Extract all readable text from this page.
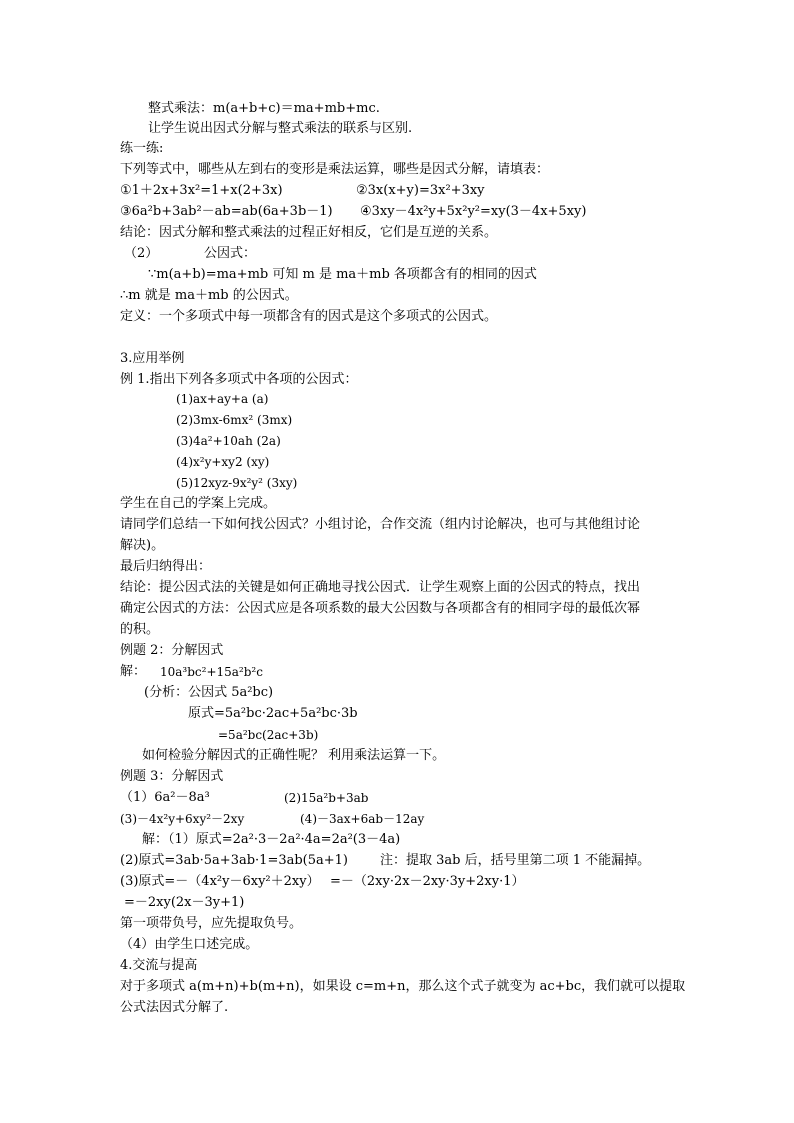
整式乘法：m(a+b+c)＝ma+mb+mc.
让学生说出因式分解与整式乘法的联系与区别.
练一练:
下列等式中，哪些从左到右的变形是乘法运算，哪些是因式分解，请填表：
①1＋2x+3x²=1+x(2+3x)	②3x(x+y)=3x²+3xy
③6a²b+3ab²－ab=ab(6a+3b－1) ④3xy－4x²y+5x²y²=xy(3－4x+5xy)
结论：因式分解和整式乘法的过程正好相反，它们是互逆的关系。
（2）	公因式：
∵m(a+b)=ma+mb 可知 m 是 ma＋mb 各项都含有的相同的因式
∴m 就是 ma＋mb 的公因式。
定义：一个多项式中每一项都含有的因式是这个多项式的公因式。
3.应用举例
例 1.指出下列各多项式中各项的公因式：
(1)ax+ay+a (a)
(2)3mx-6mx² (3mx)
(3)4a²+10ah (2a)
(4)x²y+xy2 (xy)
(5)12xyz-9x²y² (3xy)
学生在自己的学案上完成。
请同学们总结一下如何找公因式？小组讨论，合作交流（组内讨论解决，也可与其他组讨论
解决)。
最后归纳得出：
结论：提公因式法的关键是如何正确地寻找公因式．让学生观察上面的公因式的特点，找出
确定公因式的方法：公因式应是各项系数的最大公因数与各项都含有的相同字母的最低次幂
的积。
例题 2：分解因式
解： 10a³bc²+15a²b²c
(分析：公因式 5a²bc)
原式=5a²bc·2ac+5a²bc·3b
=5a²bc(2ac+3b)
如何检验分解因式的正确性呢？ 利用乘法运算一下。
例题 3：分解因式
（1）6a²－8a³	(2)15a²b+3ab
(3)－4x²y+6xy²－2xy	(4)－3ax+6ab－12ay
解：（1）原式=2a²·3－2a²·4a=2a²(3－4a)
(2)原式=3ab·5a+3ab·1=3ab(5a+1) 注：提取 3ab 后，括号里第二项 1 不能漏掉。
(3)原式=－（4x²y－6xy²＋2xy） =－（2xy·2x－2xy·3y+2xy·1）
=－2xy(2x－3y+1)
第一项带负号，应先提取负号。
（4）由学生口述完成。
4.交流与提高
对于多项式 a(m+n)+b(m+n)，如果设 c=m+n，那么这个式子就变为 ac+bc，我们就可以提取
公式法因式分解了.
